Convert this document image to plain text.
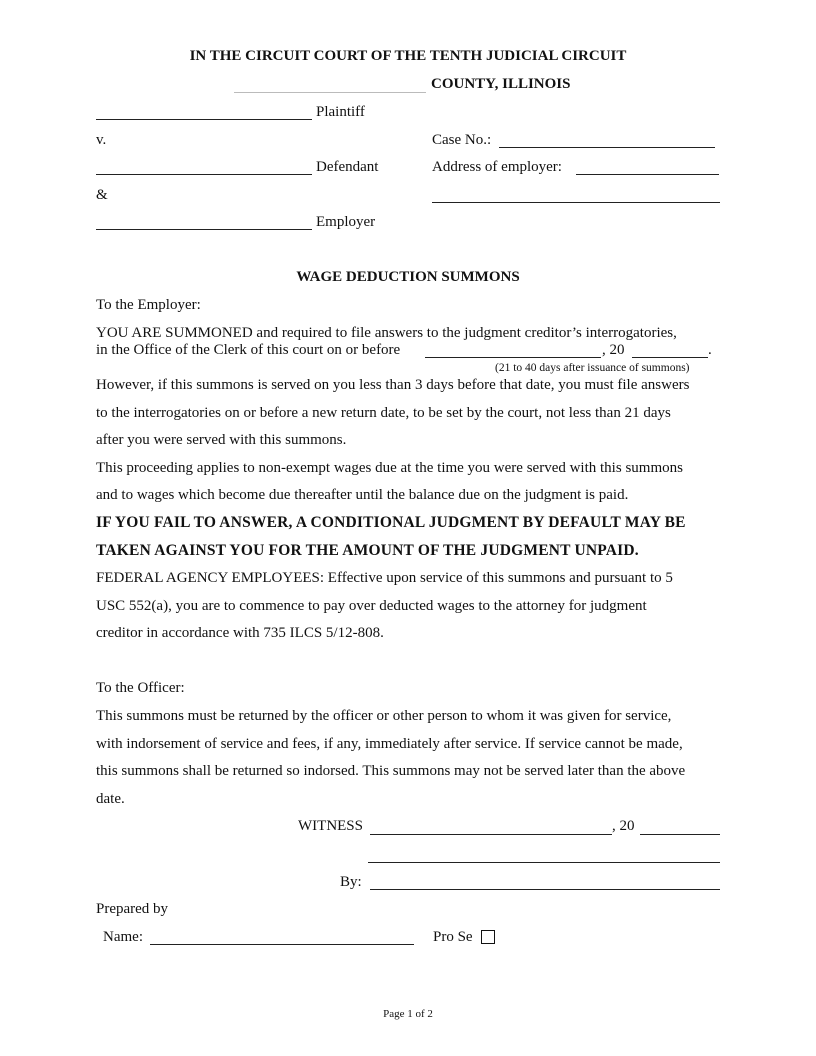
IN THE CIRCUIT COURT OF THE TENTH JUDICIAL CIRCUIT
COUNTY, ILLINOIS
Plaintiff
v.	Case No.:
Defendant	Address of employer:
&
Employer
WAGE DEDUCTION SUMMONS
To the Employer:
YOU ARE SUMMONED and required to file answers to the judgment creditor’s interrogatories,
in the Office of the Clerk of this court on or before	, 20	.
(21 to 40 days after issuance of summons)
However, if this summons is served on you less than 3 days before that date, you must file answers
to the interrogatories on or before a new return date, to be set by the court, not less than 21 days
after you were served with this summons.
This proceeding applies to non-exempt wages due at the time you were served with this summons
and to wages which become due thereafter until the balance due on the judgment is paid.
IF YOU FAIL TO ANSWER, A CONDITIONAL JUDGMENT BY DEFAULT MAY BE
TAKEN AGAINST YOU FOR THE AMOUNT OF THE JUDGMENT UNPAID.
FEDERAL AGENCY EMPLOYEES: Effective upon service of this summons and pursuant to 5
USC 552(a), you are to commence to pay over deducted wages to the attorney for judgment
creditor in accordance with 735 ILCS 5/12-808.
To the Officer:
This summons must be returned by the officer or other person to whom it was given for service,
with indorsement of service and fees, if any, immediately after service. If service cannot be made,
this summons shall be returned so indorsed. This summons may not be served later than the above
date.
WITNESS	, 20
By:
Prepared by
Name:	Pro Se
Page 1 of 2
